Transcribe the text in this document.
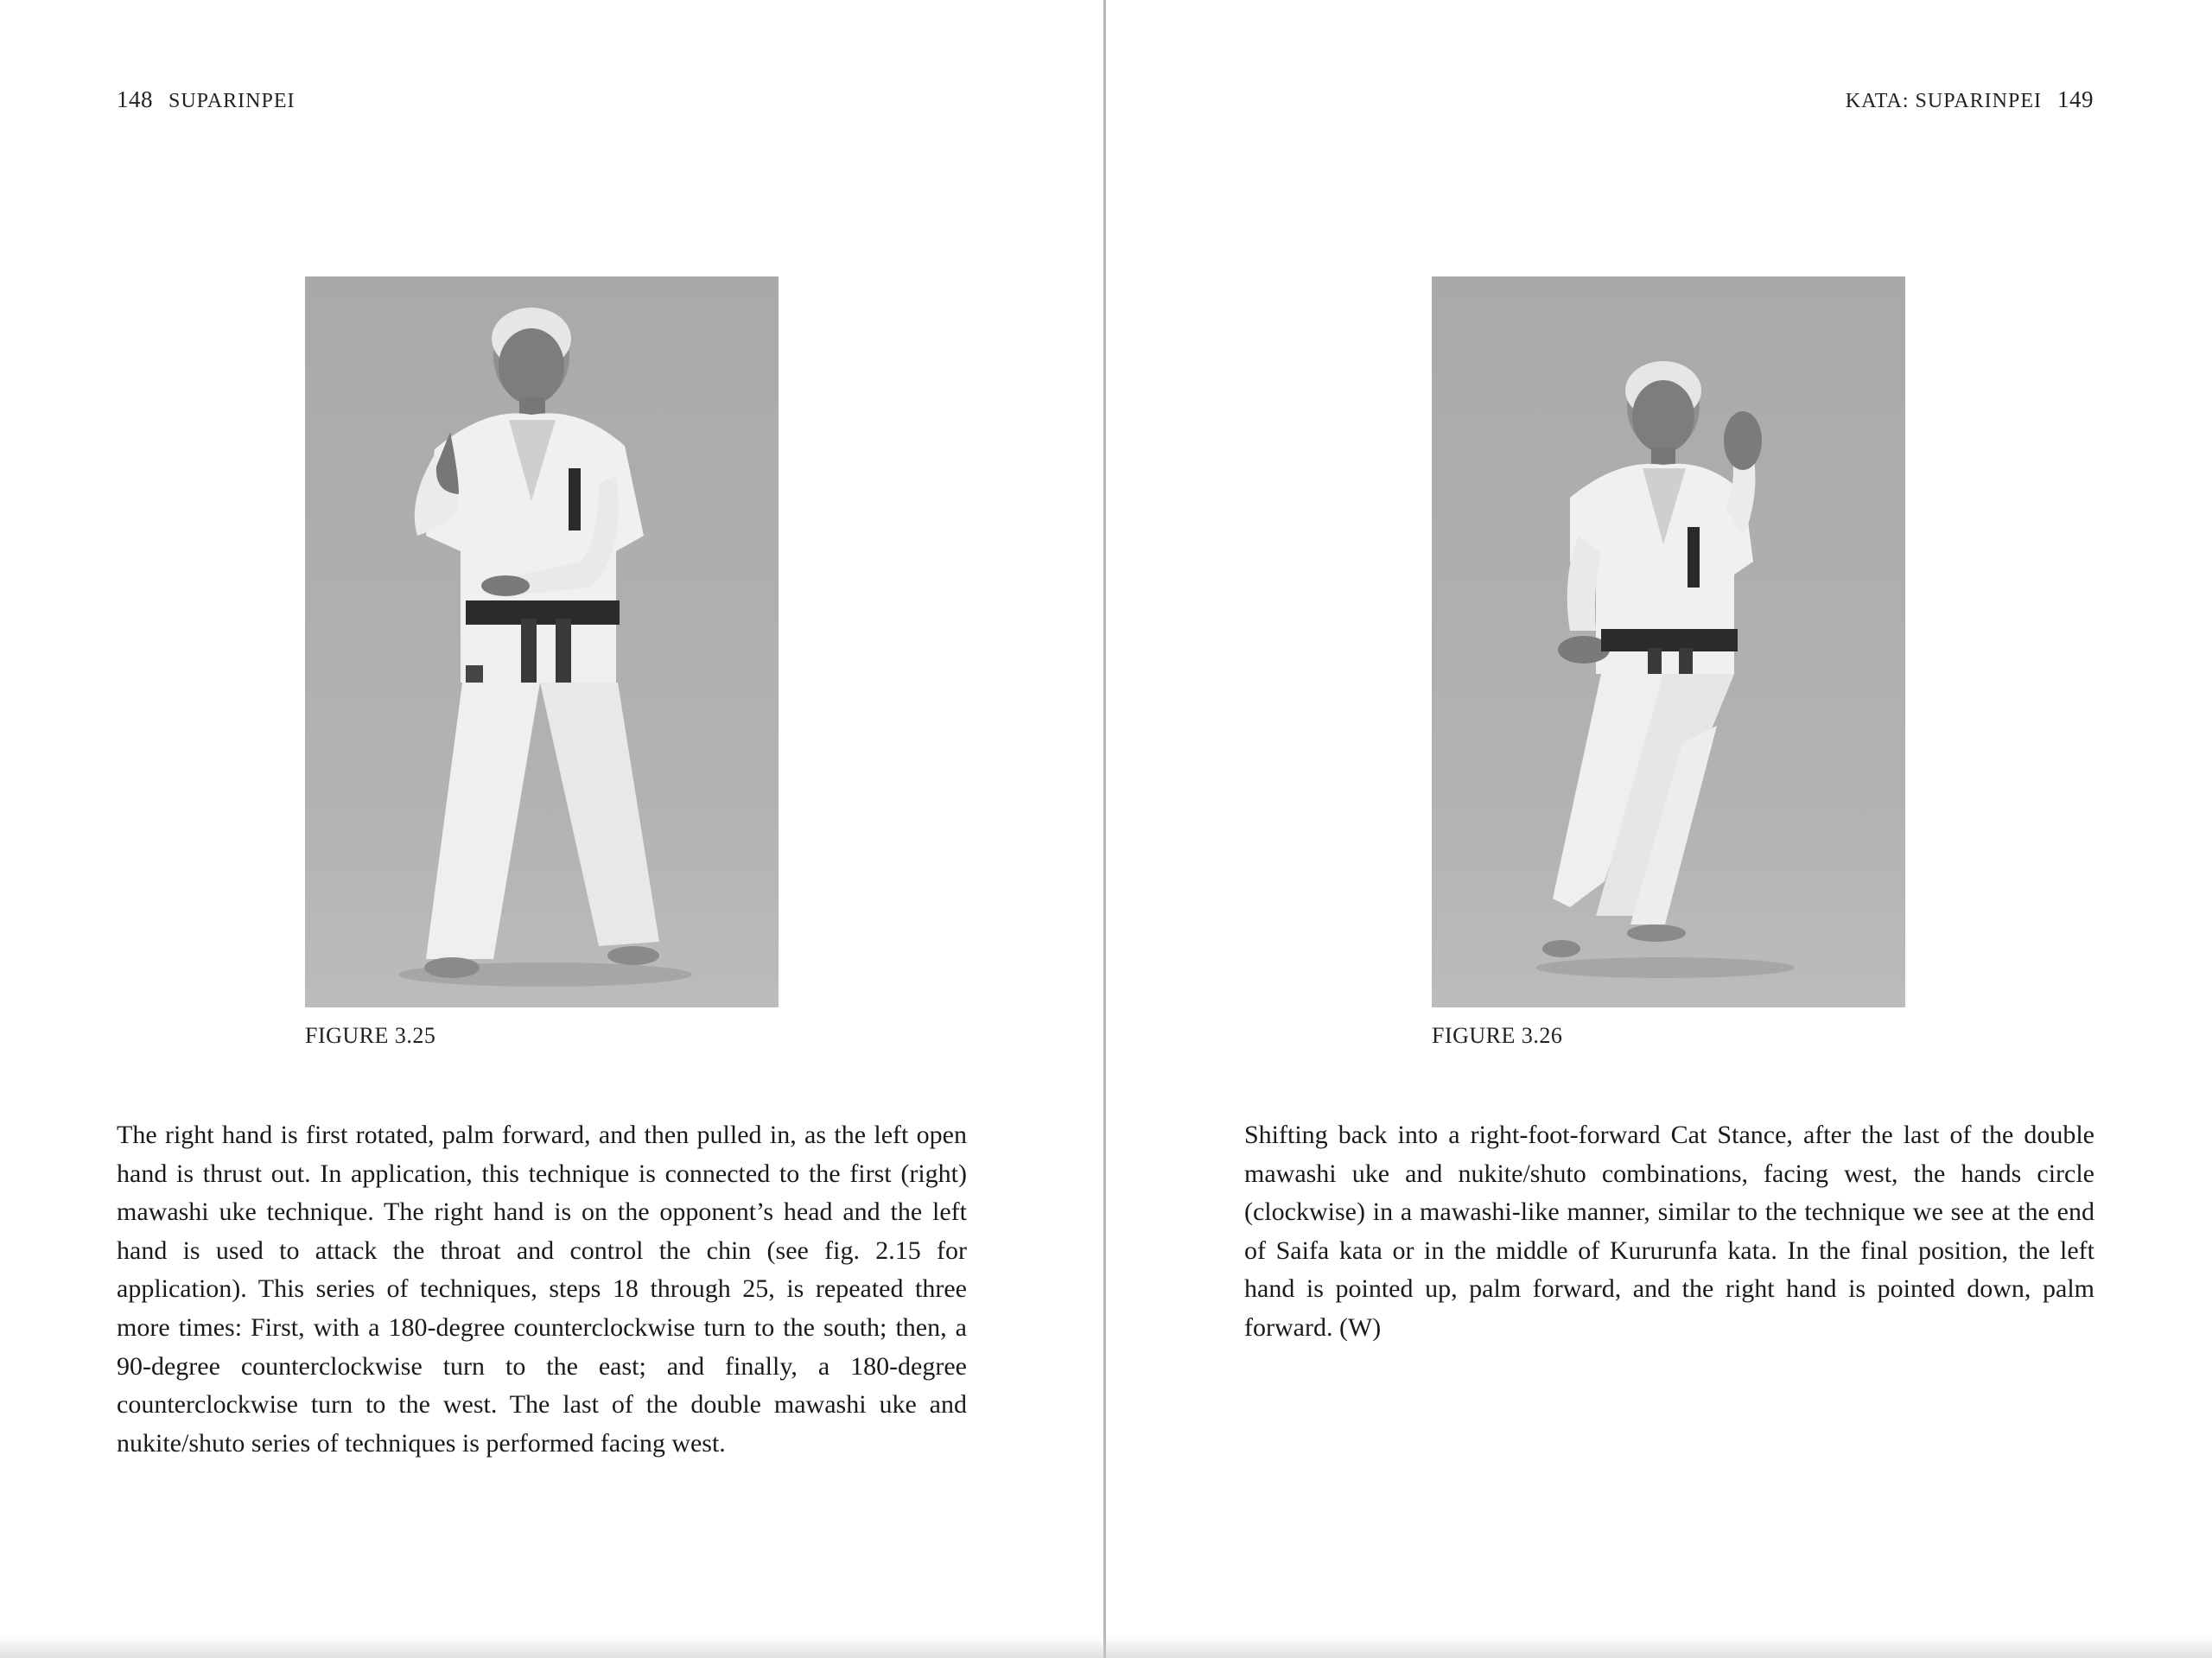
148 SUPARINPEI
FIGURE 3.25

The right hand is first rotated, palm forward, and then pulled in, as the left open hand is thrust out. In application, this technique is connected to the first (right) mawashi uke technique. The right hand is on the opponent’s head and the left hand is used to attack the throat and control the chin (see fig. 2.15 for application). This series of techniques, steps 18 through 25, is repeated three more times: First, with a 180-degree counterclockwise turn to the south; then, a 90-degree counterclockwise turn to the east; and finally, a 180-degree counterclockwise turn to the west. The last of the double mawashi uke and nukite/shuto series of techniques is performed facing west.

KATA: SUPARINPEI 149
FIGURE 3.26

Shifting back into a right-foot-forward Cat Stance, after the last of the double mawashi uke and nukite/shuto combinations, facing west, the hands circle (clockwise) in a mawashi-like manner, similar to the technique we see at the end of Saifa kata or in the middle of Kururunfa kata. In the final position, the left hand is pointed up, palm forward, and the right hand is pointed down, palm forward. (W)
